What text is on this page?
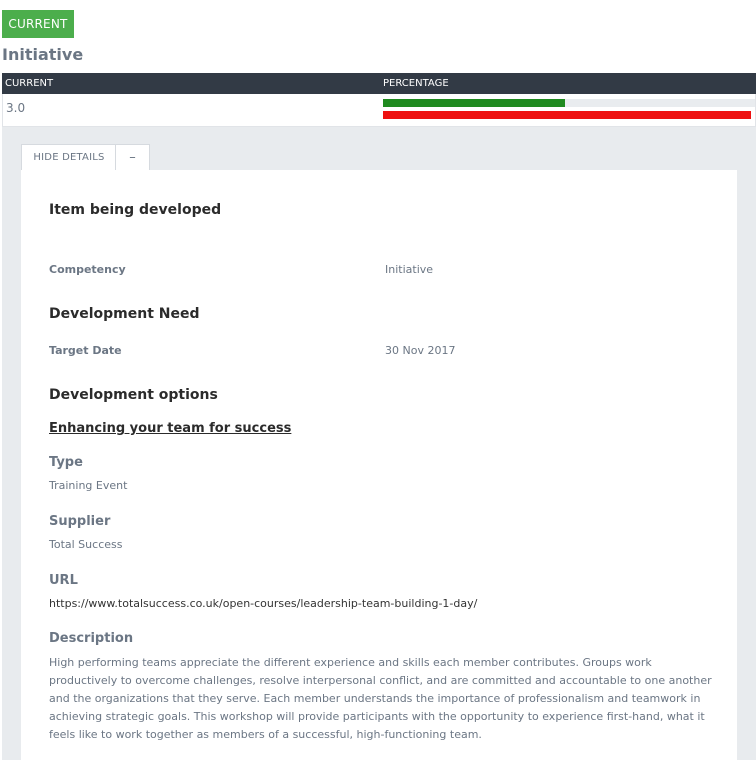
CURRENT
Initiative
CURRENT	PERCENTAGE
3.0
HIDE DETAILS	–
Item being developed
Competency	Initiative
Development Need
Target Date	30 Nov 2017
Development options
Enhancing your team for success
Type
Training Event
Supplier
Total Success
URL
https://www.totalsuccess.co.uk/open-courses/leadership-team-building-1-day/
Description
High performing teams appreciate the different experience and skills each member contributes. Groups work productively to overcome challenges, resolve interpersonal conflict, and are committed and accountable to one another and the organizations that they serve. Each member understands the importance of professionalism and teamwork in achieving strategic goals. This workshop will provide participants with the opportunity to experience first-hand, what it feels like to work together as members of a successful, high-functioning team.
